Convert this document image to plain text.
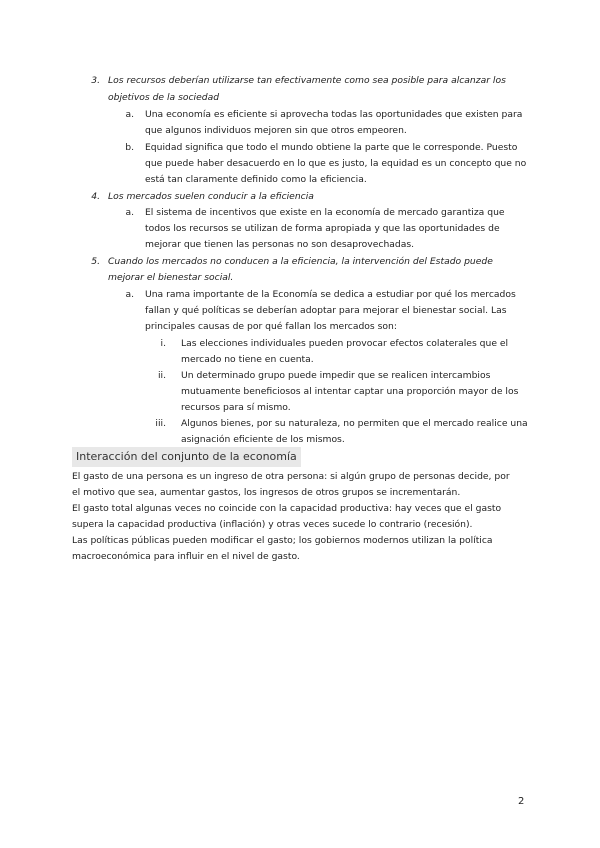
3. Los recursos deberían utilizarse tan efectivamente como sea posible para alcanzar los
objetivos de la sociedad
a. Una economía es eficiente si aprovecha todas las oportunidades que existen para
que algunos individuos mejoren sin que otros empeoren.
b. Equidad significa que todo el mundo obtiene la parte que le corresponde. Puesto
que puede haber desacuerdo en lo que es justo, la equidad es un concepto que no
está tan claramente definido como la eficiencia.
4. Los mercados suelen conducir a la eficiencia
a. El sistema de incentivos que existe en la economía de mercado garantiza que
todos los recursos se utilizan de forma apropiada y que las oportunidades de
mejorar que tienen las personas no son desaprovechadas.
5. Cuando los mercados no conducen a la eficiencia, la intervención del Estado puede
mejorar el bienestar social.
a. Una rama importante de la Economía se dedica a estudiar por qué los mercados
fallan y qué políticas se deberían adoptar para mejorar el bienestar social. Las
principales causas de por qué fallan los mercados son:
i. Las elecciones individuales pueden provocar efectos colaterales que el
mercado no tiene en cuenta.
ii. Un determinado grupo puede impedir que se realicen intercambios
mutuamente beneficiosos al intentar captar una proporción mayor de los
recursos para sí mismo.
iii. Algunos bienes, por su naturaleza, no permiten que el mercado realice una
asignación eficiente de los mismos.
Interacción del conjunto de la economía
El gasto de una persona es un ingreso de otra persona: si algún grupo de personas decide, por
el motivo que sea, aumentar gastos, los ingresos de otros grupos se incrementarán.
El gasto total algunas veces no coincide con la capacidad productiva: hay veces que el gasto
supera la capacidad productiva (inflación) y otras veces sucede lo contrario (recesión).
Las políticas públicas pueden modificar el gasto; los gobiernos modernos utilizan la política
macroeconómica para influir en el nivel de gasto.
2
